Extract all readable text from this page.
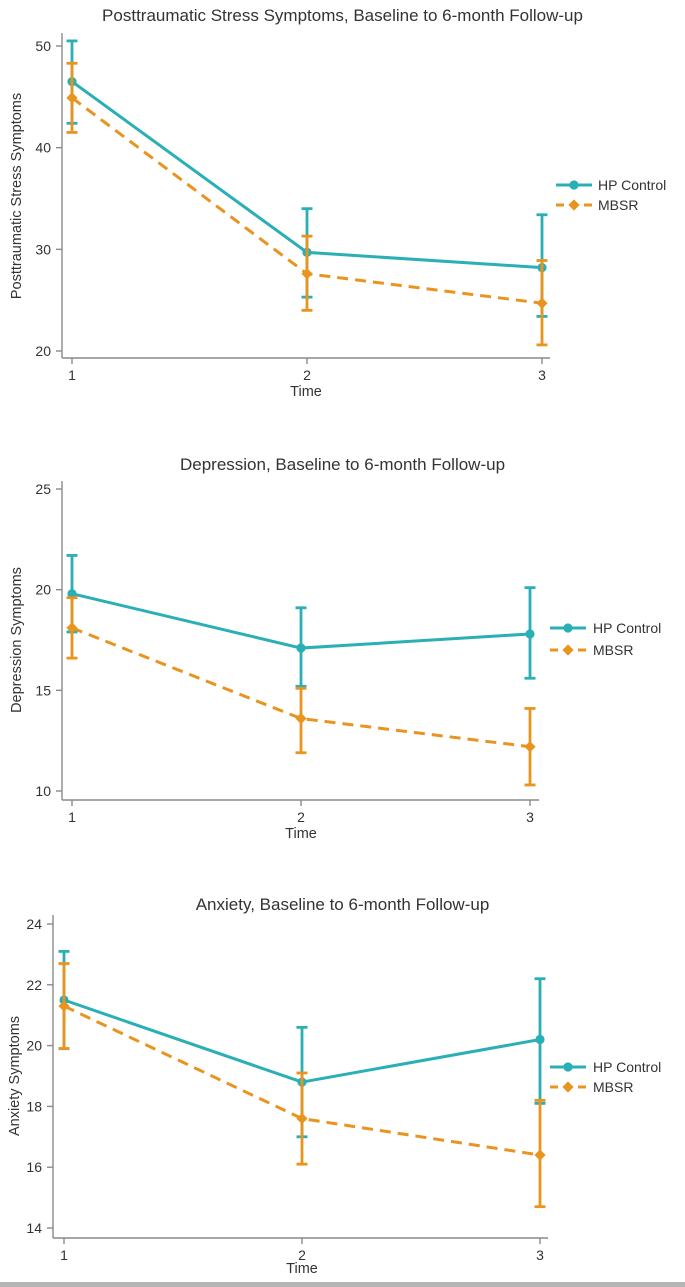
Posttraumatic Stress Symptoms, Baseline to 6-month Follow-up
Posttraumatic Stress Symptoms
20
30
40
50
1	2	3
HP Control
MBSR
Time
Depression, Baseline to 6-month Follow-up
Depression Symptoms
10
15
20
25
1	2	3
HP Control
MBSR
Time
Anxiety, Baseline to 6-month Follow-up
Anxiety Symptoms
14
16
18
20
22
24
1	2	3
HP Control
MBSR
Time
